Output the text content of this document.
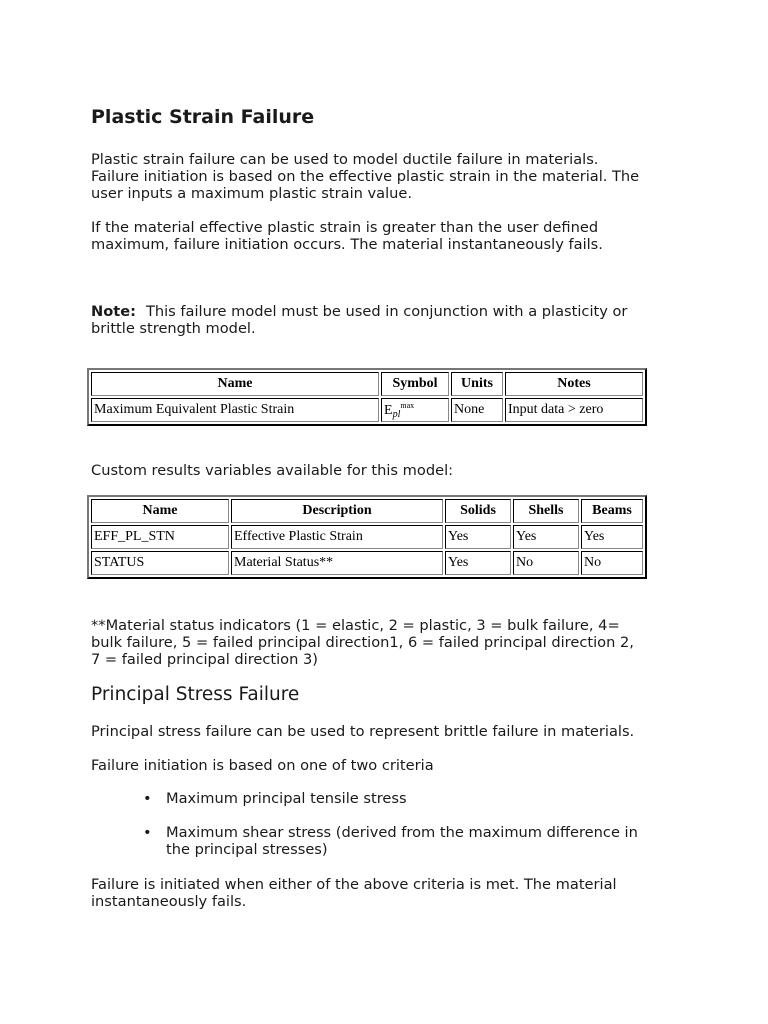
Plastic Strain Failure

Plastic strain failure can be used to model ductile failure in materials.
Failure initiation is based on the effective plastic strain in the material. The
user inputs a maximum plastic strain value.

If the material effective plastic strain is greater than the user defined
maximum, failure initiation occurs. The material instantaneously fails.

Note: This failure model must be used in conjunction with a plasticity or
brittle strength model.

Name	Symbol	Units	Notes
Maximum Equivalent Plastic Strain	$E_{pl}^{max}$	None	Input data > zero

Custom results variables available for this model:

Name	Description	Solids	Shells	Beams
EFF_PL_STN	Effective Plastic Strain	Yes	Yes	Yes
STATUS	Material Status**	Yes	No	No

**Material status indicators (1 = elastic, 2 = plastic, 3 = bulk failure, 4=
bulk failure, 5 = failed principal direction1, 6 = failed principal direction 2,
7 = failed principal direction 3)

Principal Stress Failure

Principal stress failure can be used to represent brittle failure in materials.

Failure initiation is based on one of two criteria

• Maximum principal tensile stress
• Maximum shear stress (derived from the maximum difference in
the principal stresses)

Failure is initiated when either of the above criteria is met. The material
instantaneously fails.
